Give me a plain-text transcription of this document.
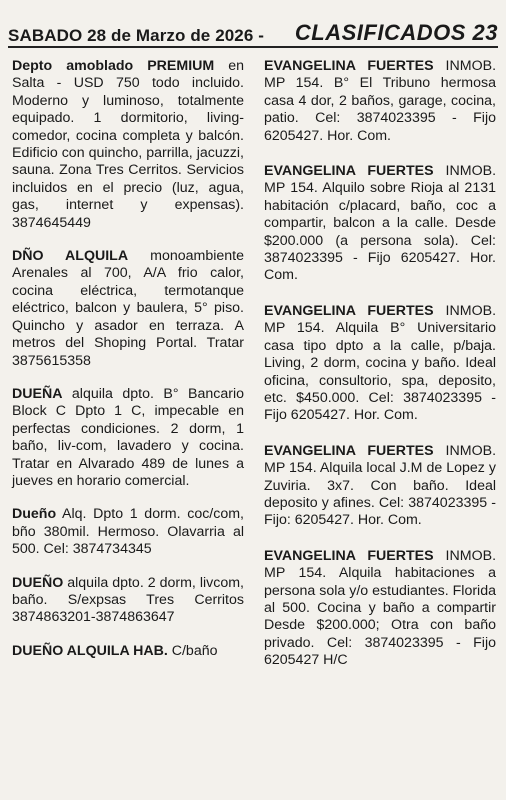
SABADO 28 de Marzo de 2026 - CLASIFICADOS 23

Depto amoblado PREMIUM en Salta - USD 750 todo incluido. Moderno y luminoso, totalmente equipado. 1 dormitorio, living-comedor, cocina completa y balcón. Edificio con quincho, parrilla, jacuzzi, sauna. Zona Tres Cerritos. Servicios incluidos en el precio (luz, agua, gas, internet y expensas). 3874645449

DÑO ALQUILA monoambiente Arenales al 700, A/A frio calor, cocina eléctrica, termotanque eléctrico, balcon y baulera, 5° piso. Quincho y asador en terraza. A metros del Shoping Portal. Tratar 3875615358

DUEÑA alquila dpto. B° Bancario Block C Dpto 1 C, impecable en perfectas condiciones. 2 dorm, 1 baño, liv-com, lavadero y cocina. Tratar en Alvarado 489 de lunes a jueves en horario comercial.

Dueño Alq. Dpto 1 dorm. coc/com, bño 380mil. Hermoso. Olavarria al 500. Cel: 3874734345

DUEÑO alquila dpto. 2 dorm, livcom, baño. S/expsas Tres Cerritos 3874863201-3874863647

DUEÑO ALQUILA HAB. C/baño

EVANGELINA FUERTES INMOB. MP 154. B° El Tribuno hermosa casa 4 dor, 2 baños, garage, cocina, patio. Cel: 3874023395 - Fijo 6205427. Hor. Com.

EVANGELINA FUERTES INMOB. MP 154. Alquilo sobre Rioja al 2131 habitación c/placard, baño, coc a compartir, balcon a la calle. Desde $200.000 (a persona sola). Cel: 3874023395 - Fijo 6205427. Hor. Com.

EVANGELINA FUERTES INMOB. MP 154. Alquila B° Universitario casa tipo dpto a la calle, p/baja. Living, 2 dorm, cocina y baño. Ideal oficina, consultorio, spa, deposito, etc. $450.000. Cel: 3874023395 - Fijo 6205427. Hor. Com.

EVANGELINA FUERTES INMOB. MP 154. Alquila local J.M de Lopez y Zuviria. 3x7. Con baño. Ideal deposito y afines. Cel: 3874023395 - Fijo: 6205427. Hor. Com.

EVANGELINA FUERTES INMOB. MP 154. Alquila habitaciones a persona sola y/o estudiantes. Florida al 500. Cocina y baño a compartir Desde $200.000; Otra con baño privado. Cel: 3874023395 - Fijo 6205427 H/C
